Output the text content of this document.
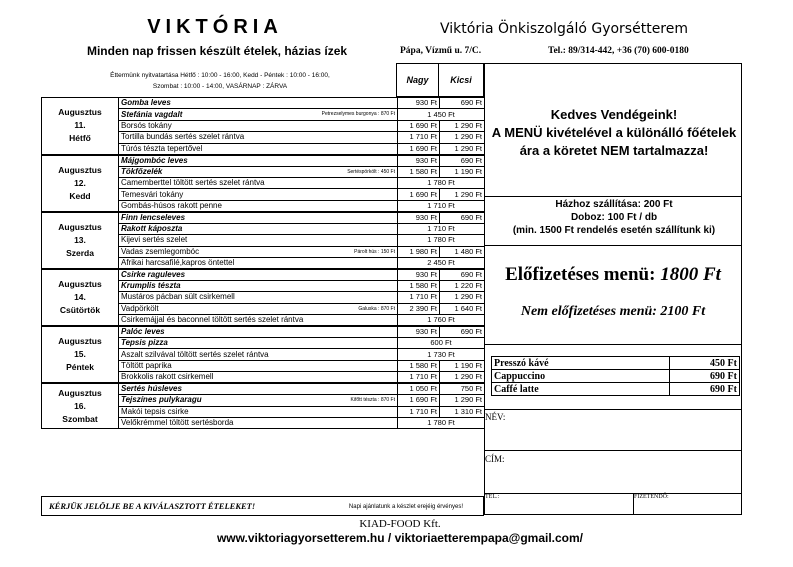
VIKTÓRIA
Minden nap frissen készült ételek, házias ízek
Éttermünk nyitvatartása Hétfő : 10:00 - 16:00, Kedd - Péntek : 10:00 - 16:00,
Szombat : 10:00 - 14:00, VASÁRNAP : ZÁRVA
Viktória Önkiszolgáló Gyorsétterem
Pápa, Vízmű u. 7/C.	Tel.: 89/314-442, +36 (70) 600-0180
Nagy	Kicsi
Augusztus
11.
Hétfő	Gomba leves	930 Ft	690 Ft
	Stefánia vagdalt Petrezselymes burgonya : 870 Ft	1 450 Ft	
	Borsós tokány	1 690 Ft	1 290 Ft
	Tortilla bundás sertés szelet rántva	1 710 Ft	1 290 Ft
	Túrós tészta tepertővel	1 690 Ft	1 290 Ft

Augusztus
12.
Kedd	Májgombóc leves	930 Ft	690 Ft
	Tökfőzelék Sertéspörkölt : 450 Ft	1 580 Ft	1 190 Ft
	Camemberttel töltött sertés szelet rántva	1 780 Ft	
	Temesvári tokány	1 690 Ft	1 290 Ft
	Gombás-húsos rakott penne	1 710 Ft	

Augusztus
13.
Szerda	Finn lencseleves	930 Ft	690 Ft
	Rakott káposzta	1 710 Ft	
	Kijevi sertés szelet	1 780 Ft	
	Vadas zsemlegombóc Párolt hús : 150 Ft	1 980 Ft	1 480 Ft
	Afrikai harcsafilé,kapros öntettel	2 450 Ft	

Augusztus
14.
Csütörtök	Csirke raguleves	930 Ft	690 Ft
	Krumplis tészta	1 580 Ft	1 220 Ft
	Mustáros pácban sült csirkemell	1 710 Ft	1 290 Ft
	Vadpörkölt Galuska : 870 Ft	2 390 Ft	1 640 Ft
	Csirkemájjal és baconnel töltött sertés szelet rántva	1 760 Ft	

Augusztus
15.
Péntek	Palóc leves	930 Ft	690 Ft
	Tepsis pizza	600 Ft	
	Aszalt szilvával töltött sertés szelet rántva	1 730 Ft	
	Töltött paprika	1 580 Ft	1 190 Ft
	Brokkolis rakott csirkemell	1 710 Ft	1 290 Ft

Augusztus
16.
Szombat	Sertés húsleves	1 050 Ft	750 Ft
	Tejszínes pulykaragu Kifőtt tészta : 870 Ft	1 690 Ft	1 290 Ft
	Makói tepsis csirke	1 710 Ft	1 310 Ft
	Velőkrémmel töltött sertésborda	1 780 Ft	
KÉRJÜK JELÖLJE BE A KIVÁLASZTOTT ÉTELEKET!	Napi ajánlatunk a készlet erejéig érvényes!
KIAD-FOOD Kft.
www.viktoriagyorsetterem.hu / viktoriaetterempapa@gmail.com/
Kedves Vendégeink!
A MENÜ kivételével a különálló főételek ára a köretet NEM tartalmazza!
Házhoz szállítása: 200 Ft
Doboz: 100 Ft / db
(min. 1500 Ft rendelés esetén szállítunk ki)
Előfizetéses menü: 1800 Ft
Nem előfizetéses menü: 2100 Ft
Presszó kávé	450 Ft
Cappuccino	690 Ft
Caffé latte	690 Ft
NÉV:
CÍM:
TEL.:	FIZETENDŐ:
